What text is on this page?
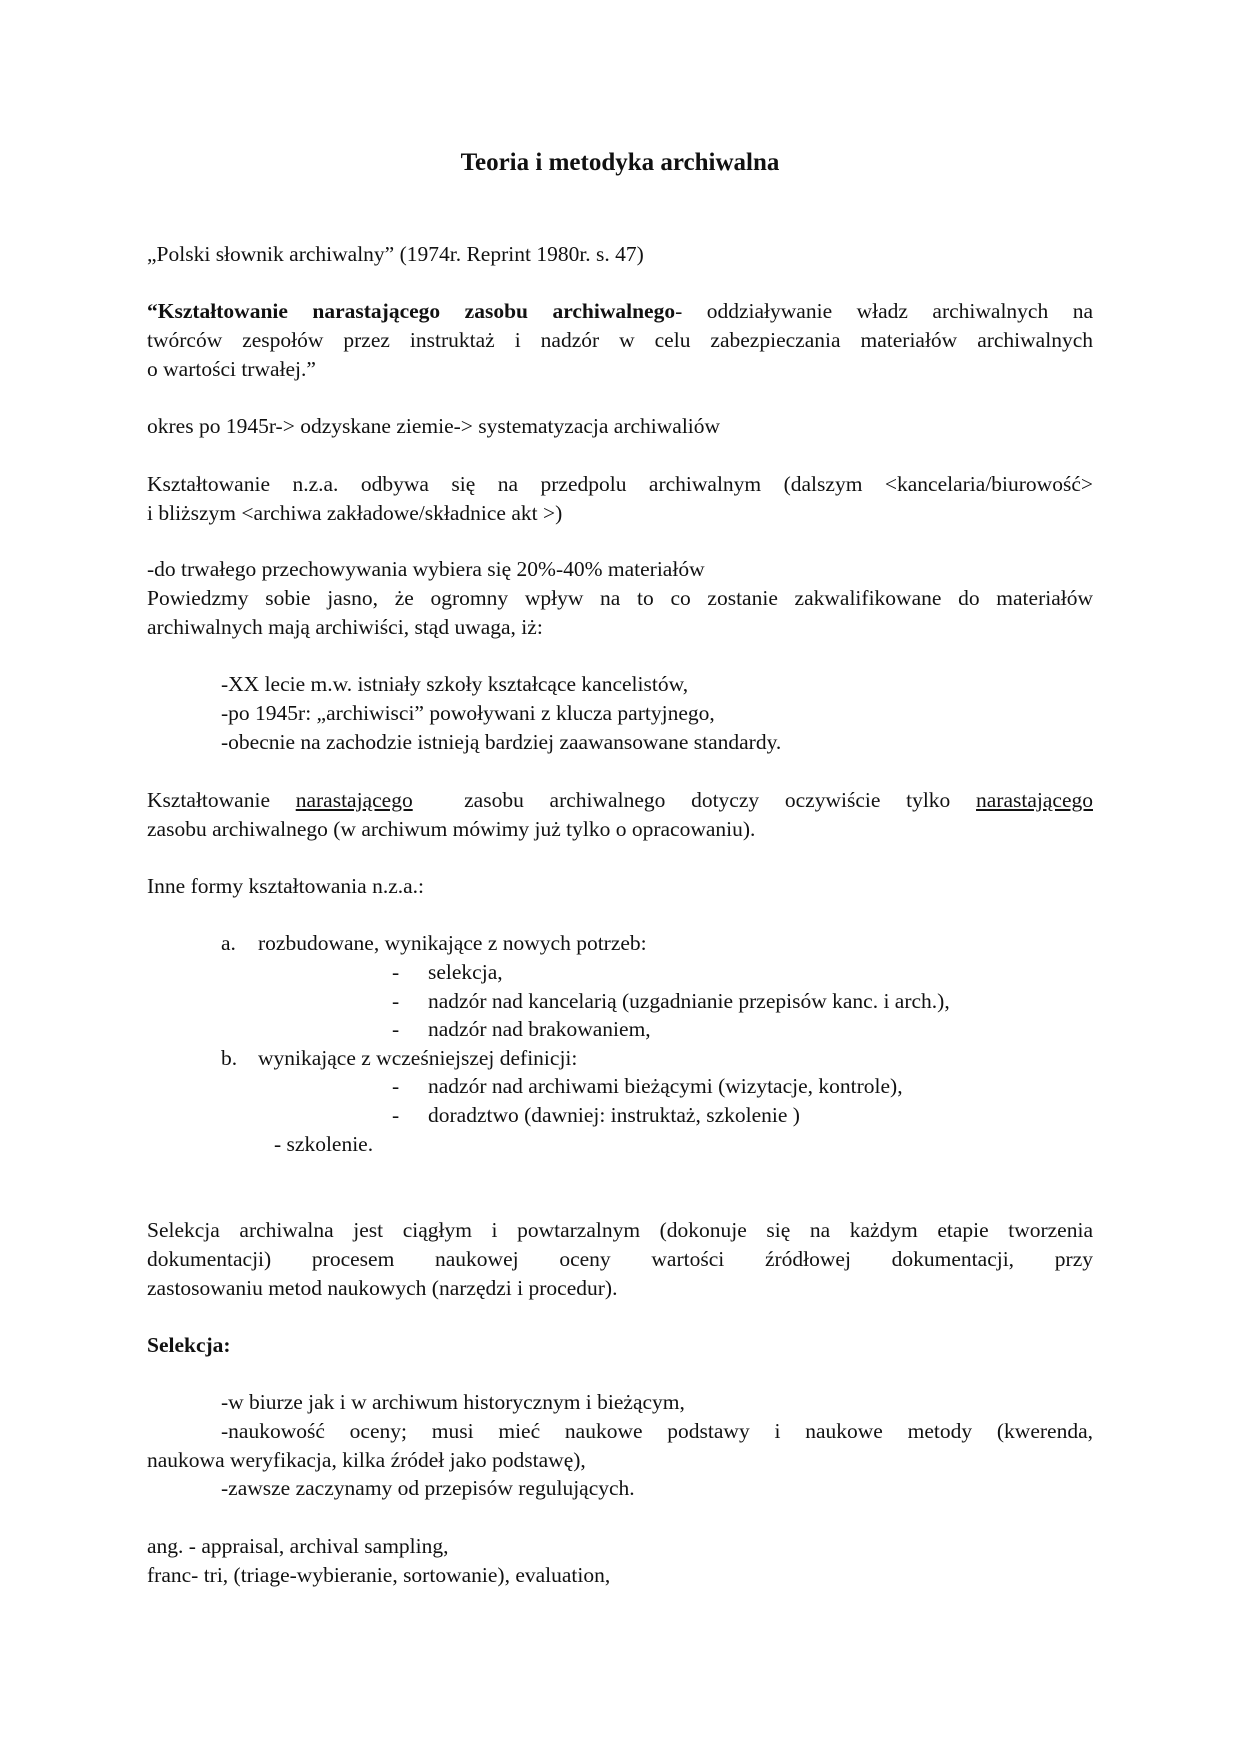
Teoria i metodyka archiwalna
„Polski słownik archiwalny” (1974r. Reprint 1980r. s. 47)
“Kształtowanie narastającego zasobu archiwalnego- oddziaływanie władz archiwalnych na
twórców zespołów przez instruktaż i nadzór w celu zabezpieczania materiałów archiwalnych
o wartości trwałej.”
okres po 1945r-> odzyskane ziemie-> systematyzacja archiwaliów
Kształtowanie n.z.a. odbywa się na przedpolu archiwalnym (dalszym <kancelaria/biurowość>
i bliższym <archiwa zakładowe/składnice akt >)
-do trwałego przechowywania wybiera się 20%-40% materiałów
Powiedzmy sobie jasno, że ogromny wpływ na to co zostanie zakwalifikowane do materiałów
archiwalnych mają archiwiści, stąd uwaga, iż:
-XX lecie m.w. istniały szkoły kształcące kancelistów,
-po 1945r: „archiwisci” powoływani z klucza partyjnego,
-obecnie na zachodzie istnieją bardziej zaawansowane standardy.
Kształtowanie narastającego zasobu archiwalnego dotyczy oczywiście tylko narastającego
zasobu archiwalnego (w archiwum mówimy już tylko o opracowaniu).
Inne formy kształtowania n.z.a.:
a. rozbudowane, wynikające z nowych potrzeb:
- selekcja,
- nadzór nad kancelarią (uzgadnianie przepisów kanc. i arch.),
- nadzór nad brakowaniem,
b. wynikające z wcześniejszej definicji:
- nadzór nad archiwami bieżącymi (wizytacje, kontrole),
- doradztwo (dawniej: instruktaż, szkolenie )
- szkolenie.
Selekcja archiwalna jest ciągłym i powtarzalnym (dokonuje się na każdym etapie tworzenia
dokumentacji) procesem naukowej oceny wartości źródłowej dokumentacji, przy
zastosowaniu metod naukowych (narzędzi i procedur).
Selekcja:
-w biurze jak i w archiwum historycznym i bieżącym,
-naukowość oceny; musi mieć naukowe podstawy i naukowe metody (kwerenda,
naukowa weryfikacja, kilka źródeł jako podstawę),
-zawsze zaczynamy od przepisów regulujących.
ang. - appraisal, archival sampling,
franc- tri, (triage-wybieranie, sortowanie), evaluation,
